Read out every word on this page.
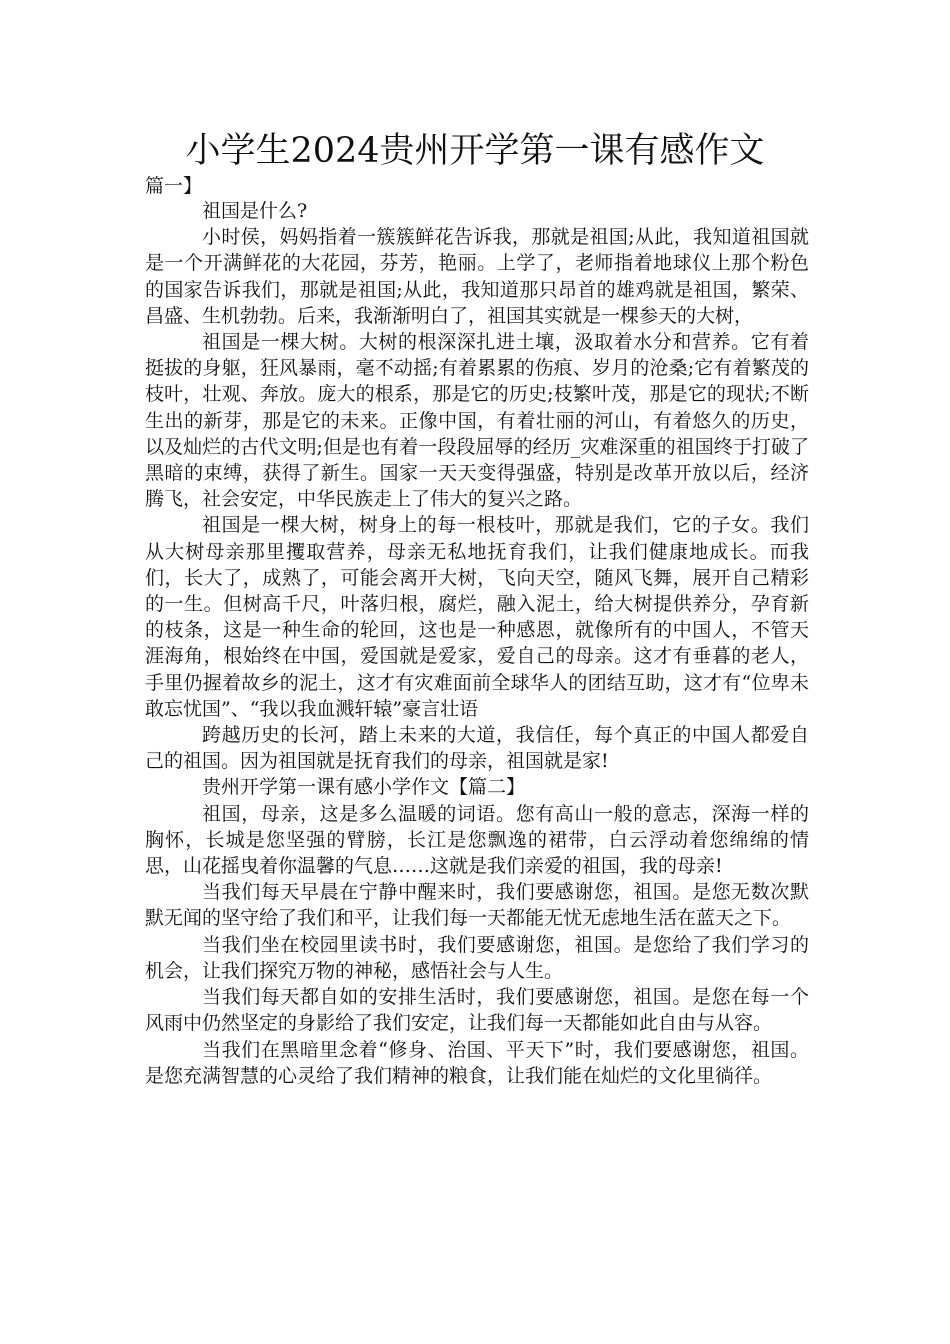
小学生2024贵州开学第一课有感作文
篇一】

祖国是什么?

小时侯，妈妈指着一簇簇鲜花告诉我，那就是祖国;从此，我知道祖国就是一个开满鲜花的大花园，芬芳，艳丽。上学了，老师指着地球仪上那个粉色的国家告诉我们，那就是祖国;从此，我知道那只昂首的雄鸡就是祖国，繁荣、昌盛、生机勃勃。后来，我渐渐明白了，祖国其实就是一棵参天的大树，

祖国是一棵大树。大树的根深深扎进土壤，汲取着水分和营养。它有着挺拔的身躯，狂风暴雨，毫不动摇;有着累累的伤痕、岁月的沧桑;它有着繁茂的枝叶，壮观、奔放。庞大的根系，那是它的历史;枝繁叶茂，那是它的现状;不断生出的新芽，那是它的未来。正像中国，有着壮丽的河山，有着悠久的历史，以及灿烂的古代文明;但是也有着一段段屈辱的经历_灾难深重的祖国终于打破了黑暗的束缚，获得了新生。国家一天天变得强盛，特别是改革开放以后，经济腾飞，社会安定，中华民族走上了伟大的复兴之路。

祖国是一棵大树，树身上的每一根枝叶，那就是我们，它的子女。我们从大树母亲那里攫取营养，母亲无私地抚育我们，让我们健康地成长。而我们，长大了，成熟了，可能会离开大树，飞向天空，随风飞舞，展开自己精彩的一生。但树高千尺，叶落归根，腐烂，融入泥土，给大树提供养分，孕育新的枝条，这是一种生命的轮回，这也是一种感恩，就像所有的中国人，不管天涯海角，根始终在中国，爱国就是爱家，爱自己的母亲。这才有垂暮的老人，手里仍握着故乡的泥土，这才有灾难面前全球华人的团结互助，这才有“位卑未敢忘忧国”、“我以我血溅轩辕”豪言壮语

跨越历史的长河，踏上未来的大道，我信任，每个真正的中国人都爱自己的祖国。因为祖国就是抚育我们的母亲，祖国就是家!

贵州开学第一课有感小学作文【篇二】

祖国，母亲，这是多么温暖的词语。您有高山一般的意志，深海一样的胸怀，长城是您坚强的臂膀，长江是您飘逸的裙带，白云浮动着您绵绵的情思，山花摇曳着你温馨的气息……这就是我们亲爱的祖国，我的母亲!

当我们每天早晨在宁静中醒来时，我们要感谢您，祖国。是您无数次默默无闻的坚守给了我们和平，让我们每一天都能无忧无虑地生活在蓝天之下。

当我们坐在校园里读书时，我们要感谢您，祖国。是您给了我们学习的机会，让我们探究万物的神秘，感悟社会与人生。

当我们每天都自如的安排生活时，我们要感谢您，祖国。是您在每一个风雨中仍然坚定的身影给了我们安定，让我们每一天都能如此自由与从容。

当我们在黑暗里念着“修身、治国、平天下”时，我们要感谢您，祖国。是您充满智慧的心灵给了我们精神的粮食，让我们能在灿烂的文化里徜徉。
